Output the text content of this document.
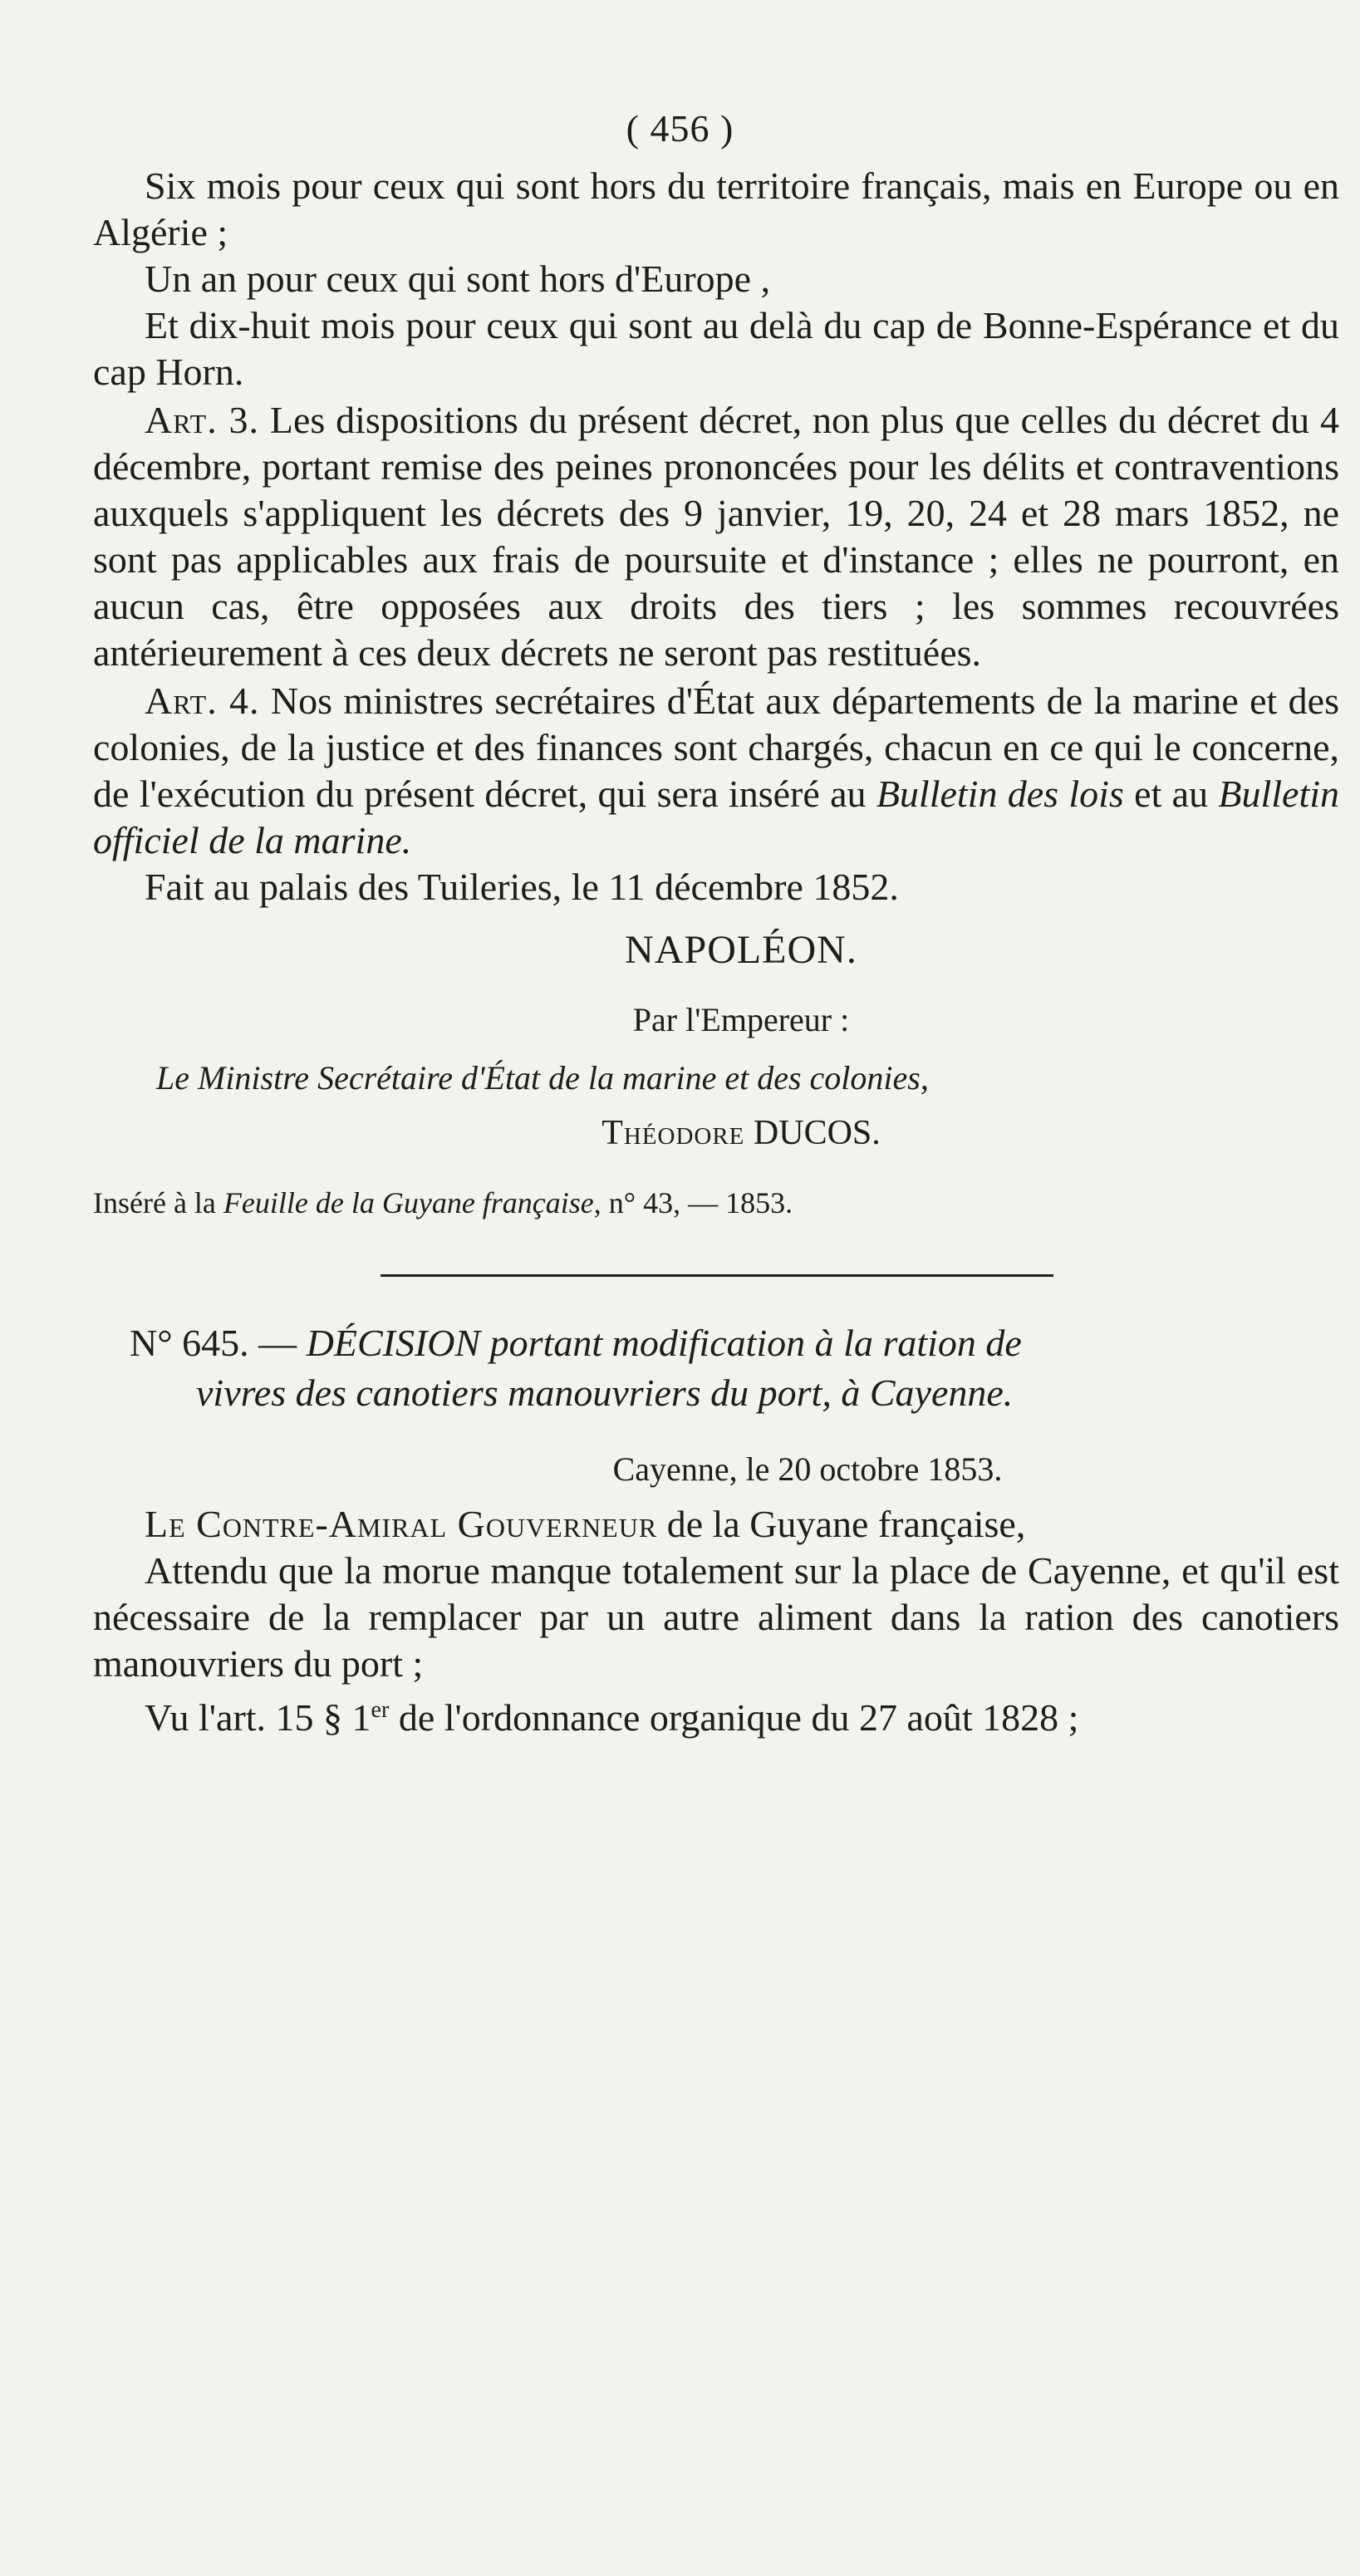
( 456 )

Six mois pour ceux qui sont hors du territoire français, mais en Europe ou en Algérie ;

Un an pour ceux qui sont hors d'Europe ,

Et dix-huit mois pour ceux qui sont au delà du cap de Bonne-Espérance et du cap Horn.

Art. 3. Les dispositions du présent décret, non plus que celles du décret du 4 décembre, portant remise des peines prononcées pour les délits et contraventions auxquels s'appliquent les décrets des 9 janvier, 19, 20, 24 et 28 mars 1852, ne sont pas applicables aux frais de poursuite et d'instance ; elles ne pourront, en aucun cas, être opposées aux droits des tiers ; les sommes recouvrées antérieurement à ces deux décrets ne seront pas restituées.

Art. 4. Nos ministres secrétaires d'État aux départements de la marine et des colonies, de la justice et des finances sont chargés, chacun en ce qui le concerne, de l'exécution du présent décret, qui sera inséré au Bulletin des lois et au Bulletin officiel de la marine.

Fait au palais des Tuileries, le 11 décembre 1852.

NAPOLÉON.
Par l'Empereur :
Le Ministre Secrétaire d'État de la marine et des colonies,
Théodore DUCOS.
Inséré à la Feuille de la Guyane française, n° 43, — 1853.
N° 645. — DÉCISION portant modification à la ration de
vivres des canotiers manouvriers du port, à Cayenne.
Cayenne, le 20 octobre 1853.

Le Contre-Amiral Gouverneur de la Guyane française,

Attendu que la morue manque totalement sur la place de Cayenne, et qu'il est nécessaire de la remplacer par un autre aliment dans la ration des canotiers manouvriers du port ;

Vu l'art. 15 § 1er de l'ordonnance organique du 27 août 1828 ;
